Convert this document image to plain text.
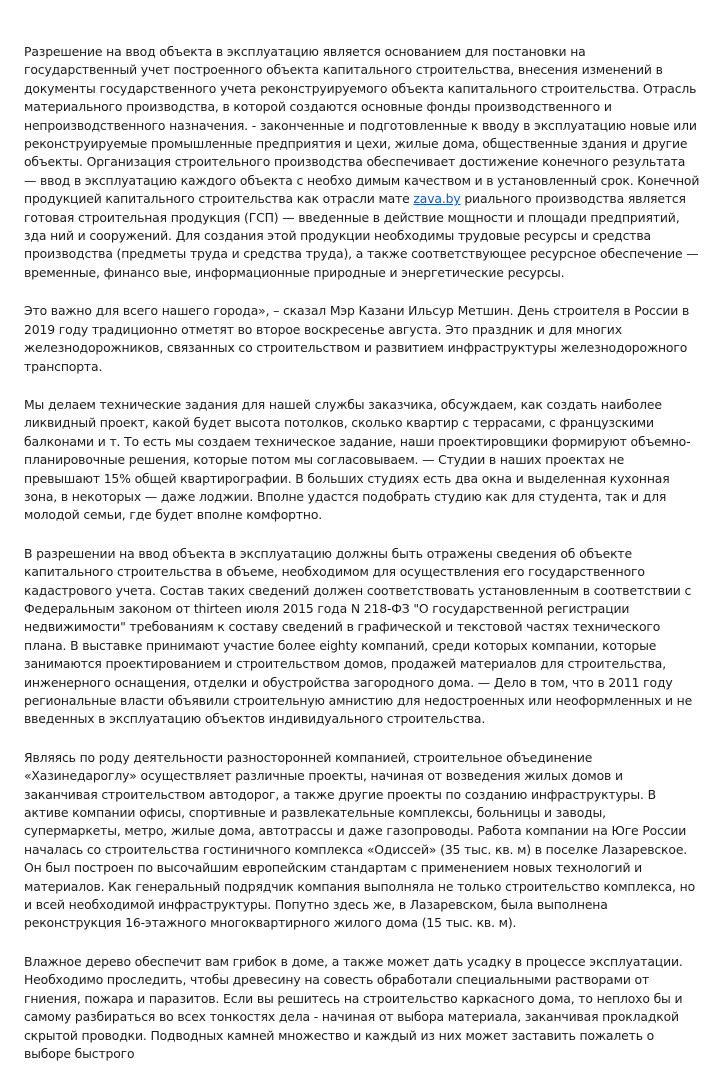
Разрешение на ввод объекта в эксплуатацию является основанием для постановки на государственный учет построенного объекта капитального строительства, внесения изменений в документы государственного учета реконструируемого объекта капитального строительства. Отрасль материального производства, в которой создаются основные фонды производственного и непроизводственного назначения. - законченные и подготовленные к вводу в эксплуатацию новые или реконструируемые промышленные предприятия и цехи, жилые дома, общественные здания и другие объекты. Организация строительного производства обеспечивает достижение конечного результата — ввод в эксплуатацию каждого объекта с необхо димым качеством и в установленный срок. Конечной продукцией капитального строительства как отрасли мате zava.by риального производства является готовая строительная продукция (ГСП) — введенные в действие мощности и площади предприятий, зда ний и сооружений. Для создания этой продукции необходимы трудовые ресурсы и средства производства (предметы труда и средства труда), а также соответствующее ресурсное обеспечение — временные, финансо вые, информационные природные и энергетические ресурсы.

Это важно для всего нашего города», – сказал Мэр Казани Ильсур Метшин. День строителя в России в 2019 году традиционно отметят во второе воскресенье августа. Это праздник и для многих железнодорожников, связанных со строительством и развитием инфраструктуры железнодорожного транспорта.

Мы делаем технические задания для нашей службы заказчика, обсуждаем, как создать наиболее ликвидный проект, какой будет высота потолков, сколько квартир с террасами, с французскими балконами и т. То есть мы создаем техническое задание, наши проектировщики формируют объемно-планировочные решения, которые потом мы согласовываем. — Студии в наших проектах не превышают 15% общей квартирографии. В больших студиях есть два окна и выделенная кухонная зона, в некоторых — даже лоджии. Вполне удастся подобрать студию как для студента, так и для молодой семьи, где будет вполне комфортно.

В разрешении на ввод объекта в эксплуатацию должны быть отражены сведения об объекте капитального строительства в объеме, необходимом для осуществления его государственного кадастрового учета. Состав таких сведений должен соответствовать установленным в соответствии с Федеральным законом от thirteen июля 2015 года N 218-ФЗ "О государственной регистрации недвижимости" требованиям к составу сведений в графической и текстовой частях технического плана. В выставке принимают участие более eighty компаний, среди которых компании, которые занимаются проектированием и строительством домов, продажей материалов для строительства, инженерного оснащения, отделки и обустройства загородного дома. — Дело в том, что в 2011 году региональные власти объявили строительную амнистию для недостроенных или неоформленных и не введенных в эксплуатацию объектов индивидуального строительства.

Являясь по роду деятельности разносторонней компанией, строительное объединение «Хазинедароглу» осуществляет различные проекты, начиная от возведения жилых домов и заканчивая строительством автодорог, а также другие проекты по созданию инфраструктуры. В активе компании офисы, спортивные и развлекательные комплексы, больницы и заводы, супермаркеты, метро, жилые дома, автотрассы и даже газопроводы. Работа компании на Юге России началась со строительства гостиничного комплекса «Одиссей» (35 тыс. кв. м) в поселке Лазаревское. Он был построен по высочайшим европейским стандартам с применением новых технологий и материалов. Как генеральный подрядчик компания выполняла не только строительство комплекса, но и всей необходимой инфраструктуры. Попутно здесь же, в Лазаревском, была выполнена реконструкция 16-этажного многоквартирного жилого дома (15 тыс. кв. м).

Влажное дерево обеспечит вам грибок в доме, а также может дать усадку в процессе эксплуатации. Необходимо проследить, чтобы древесину на совесть обработали специальными растворами от гниения, пожара и паразитов. Если вы решитесь на строительство каркасного дома, то неплохо бы и самому разбираться во всех тонкостях дела - начиная от выбора материала, заканчивая прокладкой скрытой проводки. Подводных камней множество и каждый из них может заставить пожалеть о выборе быстрого
